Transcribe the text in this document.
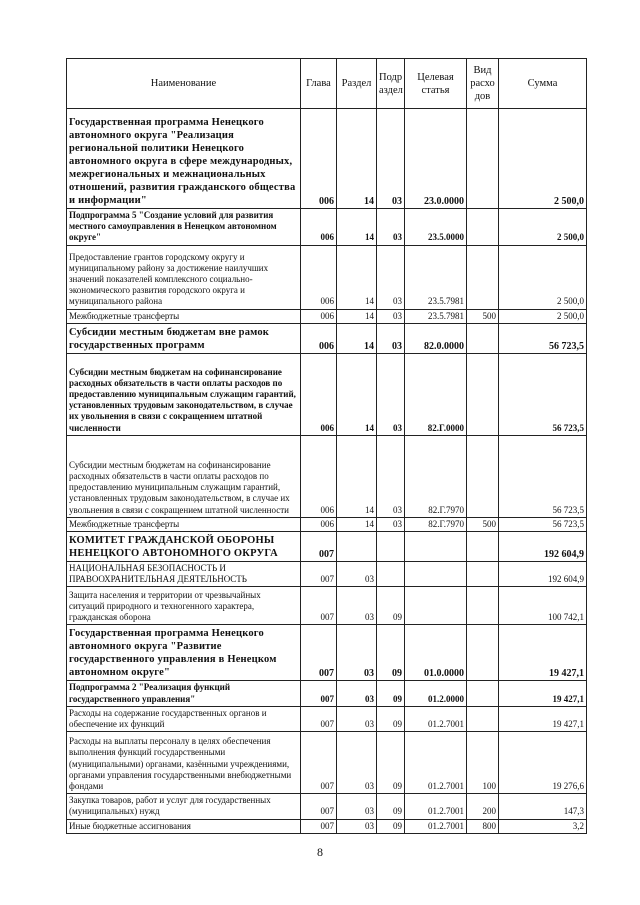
Наименование	Глава	Раздел	Подр аздел	Целевая статья	Вид расхо дов	Сумма
Государственная программа Ненецкого автономного округа "Реализация региональной политики Ненецкого автономного округа в сфере международных, межрегиональных и межнациональных отношений, развития гражданского общества и информации"	006	14	03	23.0.0000		2 500,0
Подпрограмма 5 "Создание условий для развития местного самоуправления в Ненецком автономном округе"	006	14	03	23.5.0000		2 500,0
Предоставление грантов городскому округу и муниципальному району за достижение наилучших значений показателей комплексного социально-экономического развития городского округа и муниципального района	006	14	03	23.5.7981		2 500,0
Межбюджетные трансферты	006	14	03	23.5.7981	500	2 500,0
Субсидии местным бюджетам вне рамок государственных программ	006	14	03	82.0.0000		56 723,5
Субсидии местным бюджетам на софинансирование расходных обязательств в части оплаты расходов по предоставлению муниципальным служащим гарантий, установленных трудовым законодательством, в случае их увольнения в связи с сокращением штатной численности	006	14	03	82.Г.0000		56 723,5
Субсидии местным бюджетам на софинансирование расходных обязательств в части оплаты расходов по предоставлению муниципальным служащим гарантий, установленных трудовым законодательством, в случае их увольнения в связи с сокращением штатной численности	006	14	03	82.Г.7970		56 723,5
Межбюджетные трансферты	006	14	03	82.Г.7970	500	56 723,5
КОМИТЕТ ГРАЖДАНСКОЙ ОБОРОНЫ НЕНЕЦКОГО АВТОНОМНОГО ОКРУГА	007					192 604,9
НАЦИОНАЛЬНАЯ БЕЗОПАСНОСТЬ И ПРАВООХРАНИТЕЛЬНАЯ ДЕЯТЕЛЬНОСТЬ	007	03				192 604,9
Защита населения и территории от чрезвычайных ситуаций природного и техногенного характера, гражданская оборона	007	03	09			100 742,1
Государственная программа Ненецкого автономного округа "Развитие государственного управления в Ненецком автономном округе"	007	03	09	01.0.0000		19 427,1
Подпрограмма 2 "Реализация функций государственного управления"	007	03	09	01.2.0000		19 427,1
Расходы на содержание государственных органов и обеспечение их функций	007	03	09	01.2.7001		19 427,1
Расходы на выплаты персоналу в целях обеспечения выполнения функций государственными (муниципальными) органами, казёнными учреждениями, органами управления государственными внебюджетными фондами	007	03	09	01.2.7001	100	19 276,6
Закупка товаров, работ и услуг для государственных (муниципальных) нужд	007	03	09	01.2.7001	200	147,3
Иные бюджетные ассигнования	007	03	09	01.2.7001	800	3,2
8
